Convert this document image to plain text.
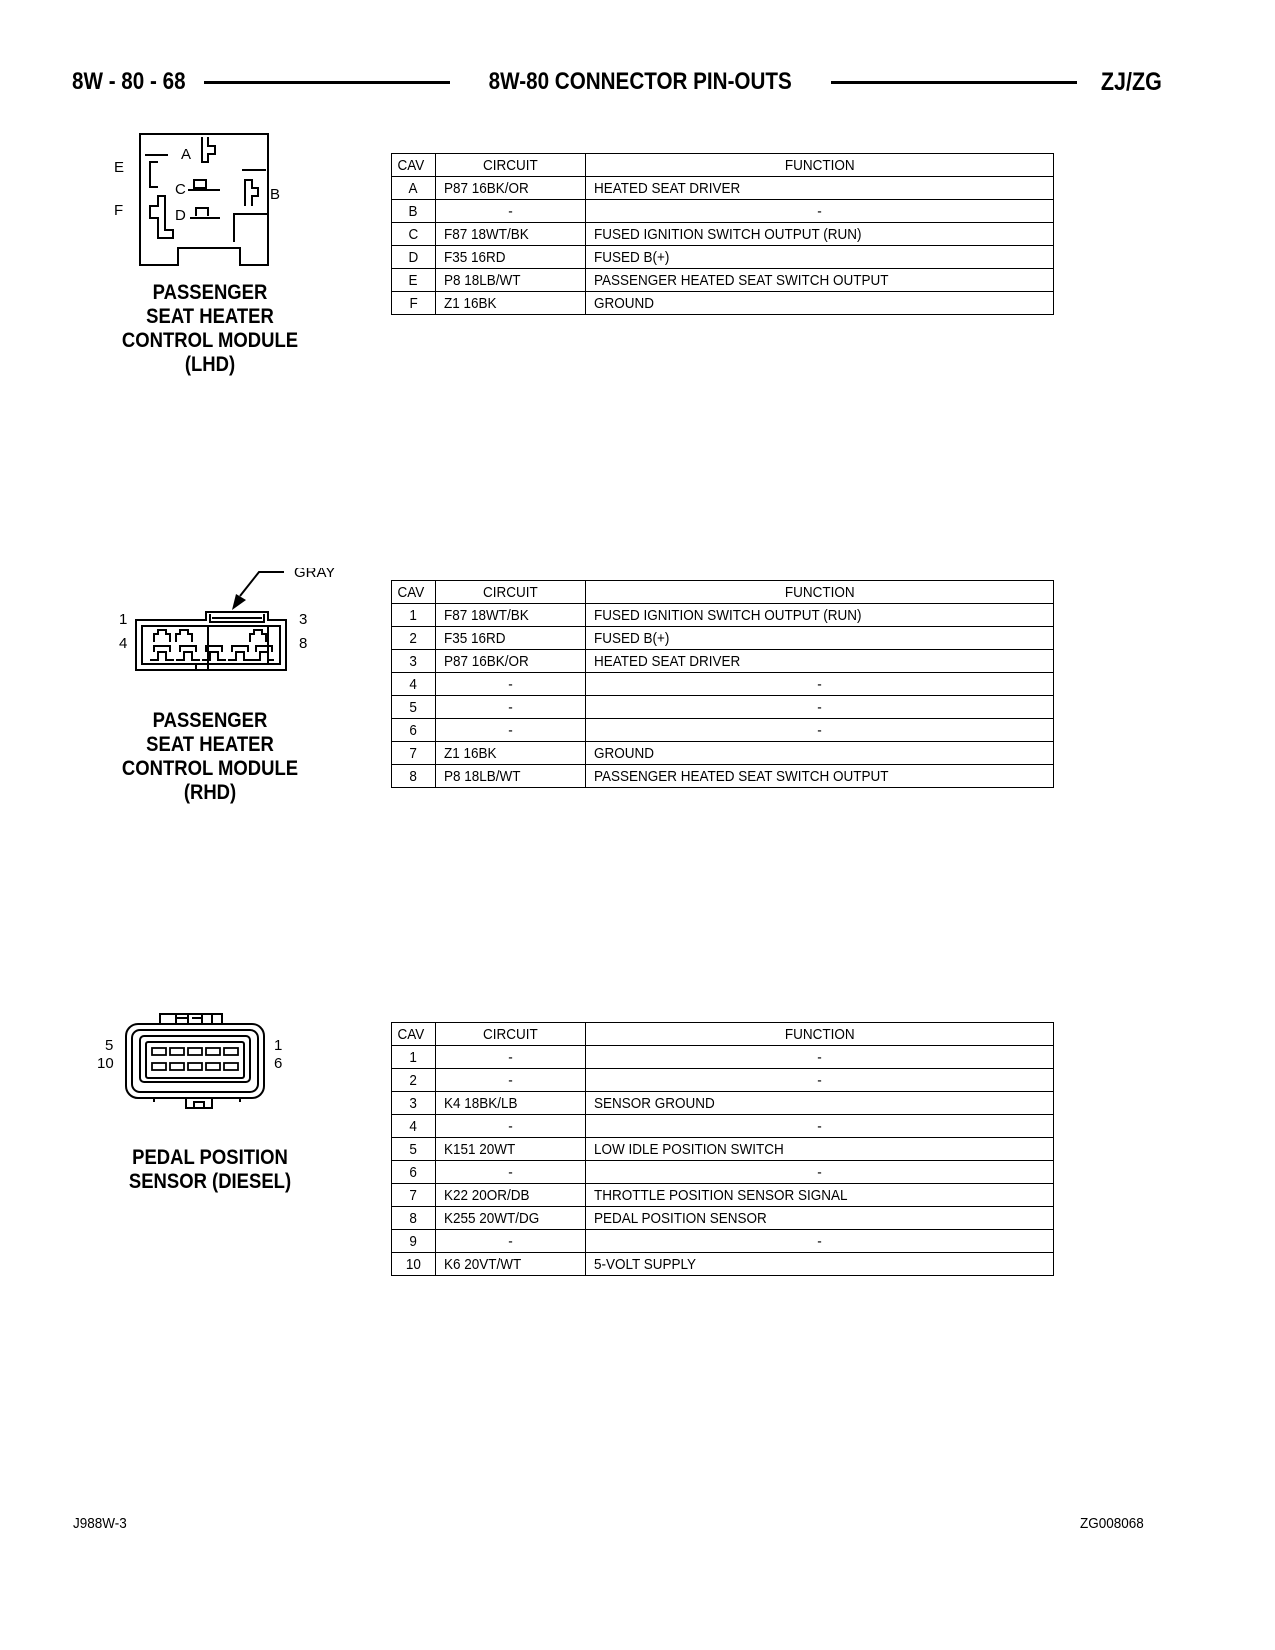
8W - 80 - 68	8W-80 CONNECTOR PIN-OUTS	ZJ/ZG
E
F
A
C
D
B
PASSENGER
SEAT HEATER
CONTROL MODULE
(LHD)
CAV	CIRCUIT	FUNCTION
A	P87 16BK/OR	HEATED SEAT DRIVER
B	-	-
C	F87 18WT/BK	FUSED IGNITION SWITCH OUTPUT (RUN)
D	F35 16RD	FUSED B(+)
E	P8 18LB/WT	PASSENGER HEATED SEAT SWITCH OUTPUT
F	Z1 16BK	GROUND
GRAY
1
4
3
8
PASSENGER
SEAT HEATER
CONTROL MODULE
(RHD)
CAV	CIRCUIT	FUNCTION
1	F87 18WT/BK	FUSED IGNITION SWITCH OUTPUT (RUN)
2	F35 16RD	FUSED B(+)
3	P87 16BK/OR	HEATED SEAT DRIVER
4	-	-
5	-	-
6	-	-
7	Z1 16BK	GROUND
8	P8 18LB/WT	PASSENGER HEATED SEAT SWITCH OUTPUT
5
10
1
6
PEDAL POSITION
SENSOR (DIESEL)
CAV	CIRCUIT	FUNCTION
1	-	-
2	-	-
3	K4 18BK/LB	SENSOR GROUND
4	-	-
5	K151 20WT	LOW IDLE POSITION SWITCH
6	-	-
7	K22 20OR/DB	THROTTLE POSITION SENSOR SIGNAL
8	K255 20WT/DG	PEDAL POSITION SENSOR
9	-	-
10	K6 20VT/WT	5-VOLT SUPPLY
J988W-3	ZG008068
